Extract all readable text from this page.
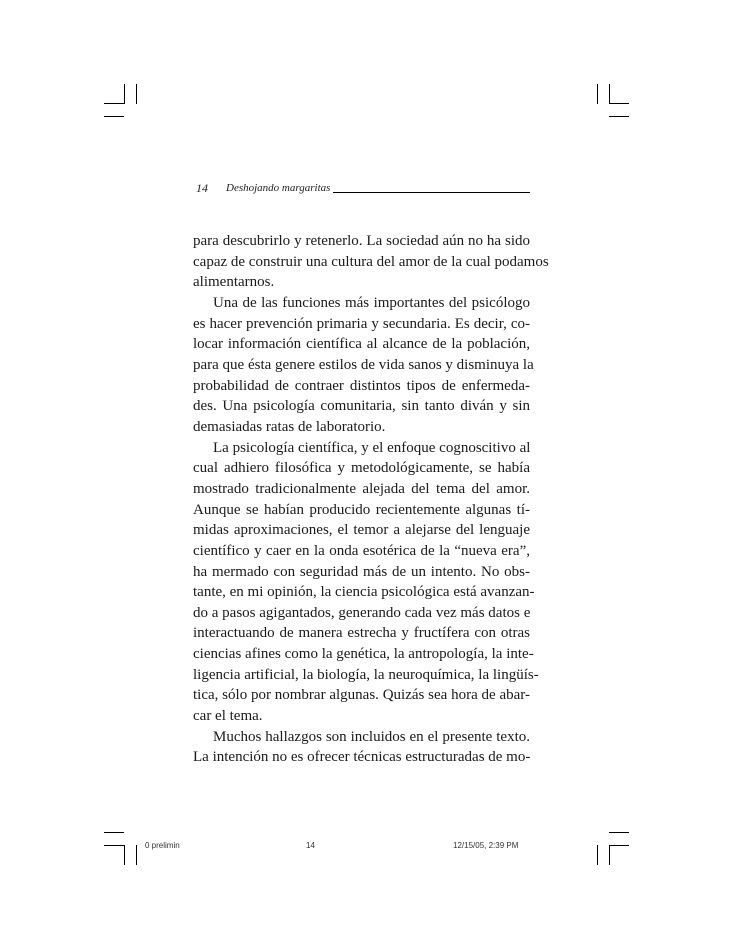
14 Deshojando margaritas
para descubrirlo y retenerlo. La sociedad aún no ha sido
capaz de construir una cultura del amor de la cual podamos
alimentarnos.
Una de las funciones más importantes del psicólogo
es hacer prevención primaria y secundaria. Es decir, co-
locar información científica al alcance de la población,
para que ésta genere estilos de vida sanos y disminuya la
probabilidad de contraer distintos tipos de enfermeda-
des. Una psicología comunitaria, sin tanto diván y sin
demasiadas ratas de laboratorio.
La psicología científica, y el enfoque cognoscitivo al
cual adhiero filosófica y metodológicamente, se había
mostrado tradicionalmente alejada del tema del amor.
Aunque se habían producido recientemente algunas tí-
midas aproximaciones, el temor a alejarse del lenguaje
científico y caer en la onda esotérica de la “nueva era”,
ha mermado con seguridad más de un intento. No obs-
tante, en mi opinión, la ciencia psicológica está avanzan-
do a pasos agigantados, generando cada vez más datos e
interactuando de manera estrecha y fructífera con otras
ciencias afines como la genética, la antropología, la inte-
ligencia artificial, la biología, la neuroquímica, la lingüís-
tica, sólo por nombrar algunas. Quizás sea hora de abar-
car el tema.
Muchos hallazgos son incluidos en el presente texto.
La intención no es ofrecer técnicas estructuradas de mo-
0 prelimin	14	12/15/05, 2:39 PM
